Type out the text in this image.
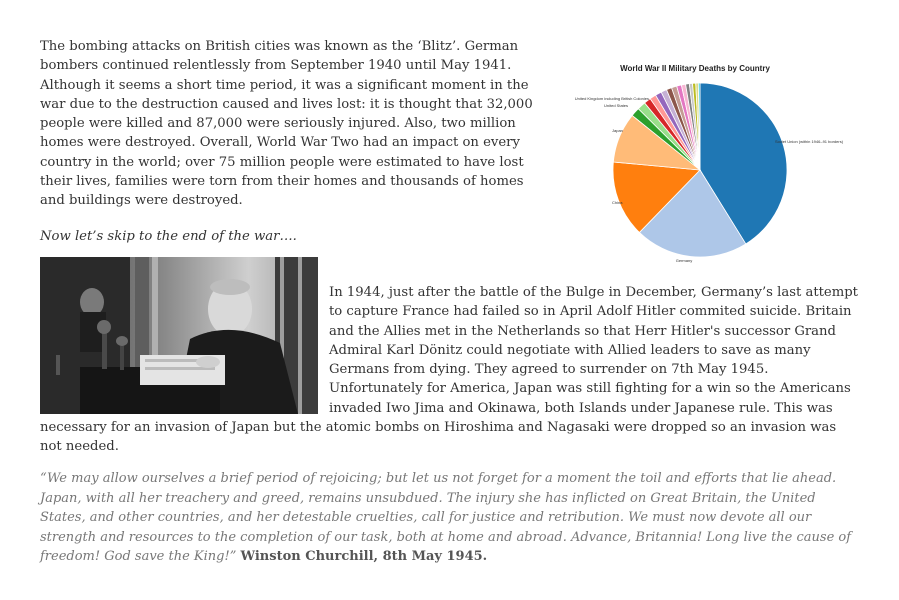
The bombing attacks on British cities was known as the ‘Blitz’. German bombers continued relentlessly from September 1940 until May 1941. Although it seems a short time period, it was a significant moment in the war due to the destruction caused and lives lost: it is thought that 32,000 people were killed and 87,000 were seriously injured. Also, two million homes were destroyed. Overall, World War Two had an impact on every country in the world; over 75 million people were estimated to have lost their lives, families were torn from their homes and thousands of homes and buildings were destroyed.

Now let’s skip to the end of the war….

In 1944, just after the battle of the Bulge in December, Germany’s last attempt to capture France had failed so in April Adolf Hitler commited suicide. Britain and the Allies met in the Netherlands so that Herr Hitler's successor Grand Admiral Karl Dönitz could negotiate with Allied leaders to save as many Germans from dying. They agreed to surrender on 7th May 1945. Unfortunately for America, Japan was still fighting for a win so the Americans invaded Iwo Jima and Okinawa, both Islands under Japanese rule. This was necessary for an invasion of Japan but the atomic bombs on Hiroshima and Nagasaki were dropped so an invasion was not needed.

“We may allow ourselves a brief period of rejoicing; but let us not forget for a moment the toil and efforts that lie ahead. Japan, with all her treachery and greed, remains unsubdued. The injury she has inflicted on Great Britain, the United States, and other countries, and her detestable cruelties, call for justice and retribution. We must now devote all our strength and resources to the completion of our task, both at home and abroad. Advance, Britannia! Long live the cause of freedom! God save the King!” Winston Churchill, 8th May 1945.

World War II Military Deaths by Country
Soviet Union (within 1946–91 borders)
Germany
China
Japan
United States
United Kingdom including British Colonies
